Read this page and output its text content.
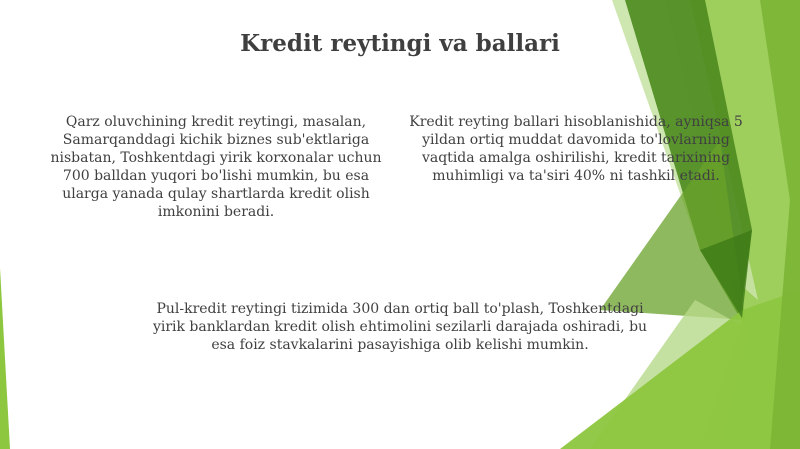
Kredit reytingi va ballari
Qarz oluvchining kredit reytingi, masalan, Samarqanddagi kichik biznes sub'ektlariga nisbatan, Toshkentdagi yirik korxonalar uchun 700 balldan yuqori bo'lishi mumkin, bu esa ularga yanada qulay shartlarda kredit olish imkonini beradi.
Kredit reyting ballari hisoblanishida, ayniqsa 5 yildan ortiq muddat davomida to'lovlarning vaqtida amalga oshirilishi, kredit tarixining muhimligi va ta'siri 40% ni tashkil etadi.
Pul-kredit reytingi tizimida 300 dan ortiq ball to'plash, Toshkentdagi yirik banklardan kredit olish ehtimolini sezilarli darajada oshiradi, bu esa foiz stavkalarini pasayishiga olib kelishi mumkin.
